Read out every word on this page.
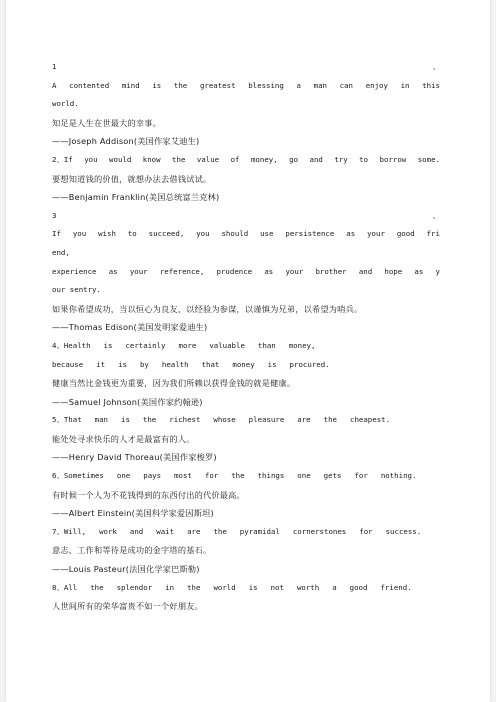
1	、
A contented mind is the greatest blessing a man can enjoy in this
world.
知足是人生在世最大的幸事。
——Joseph Addison(美国作家艾迪生)
2、If you would know the value of money, go and try to borrow some.
要想知道钱的价值，就想办法去借钱试试。
——Benjamin Franklin(美国总统富兰克林)
3	、
If you wish to succeed, you should use persistence as your good fri
end,
experience as your reference, prudence as your brother and hope as y
our sentry.
如果你希望成功，当以恒心为良友，以经验为参谋，以谨慎为兄弟，以希望为哨兵。
——Thomas Edison(美国发明家爱迪生)
4、Health is certainly more valuable than money,
because it is by health that money is procured.
健康当然比金钱更为重要，因为我们所赖以获得金钱的就是健康。
——Samuel Johnson(美国作家约翰逊)
5、That man is the richest whose pleasure are the cheapest.
能处处寻求快乐的人才是最富有的人。
——Henry David Thoreau(美国作家梭罗)
6、Sometimes one pays most for the things one gets for nothing.
有时候一个人为不花钱得到的东西付出的代价最高。
——Albert Einstein(美国科学家爱因斯坦)
7、Will, work and wait are the pyramidal cornerstones for success.
意志、工作和等待是成功的金字塔的基石。
——Louis Pasteur(法国化学家巴斯勒)
8、All the splendor in the world is not worth a good friend.
人世间所有的荣华富贵不如一个好朋友。
